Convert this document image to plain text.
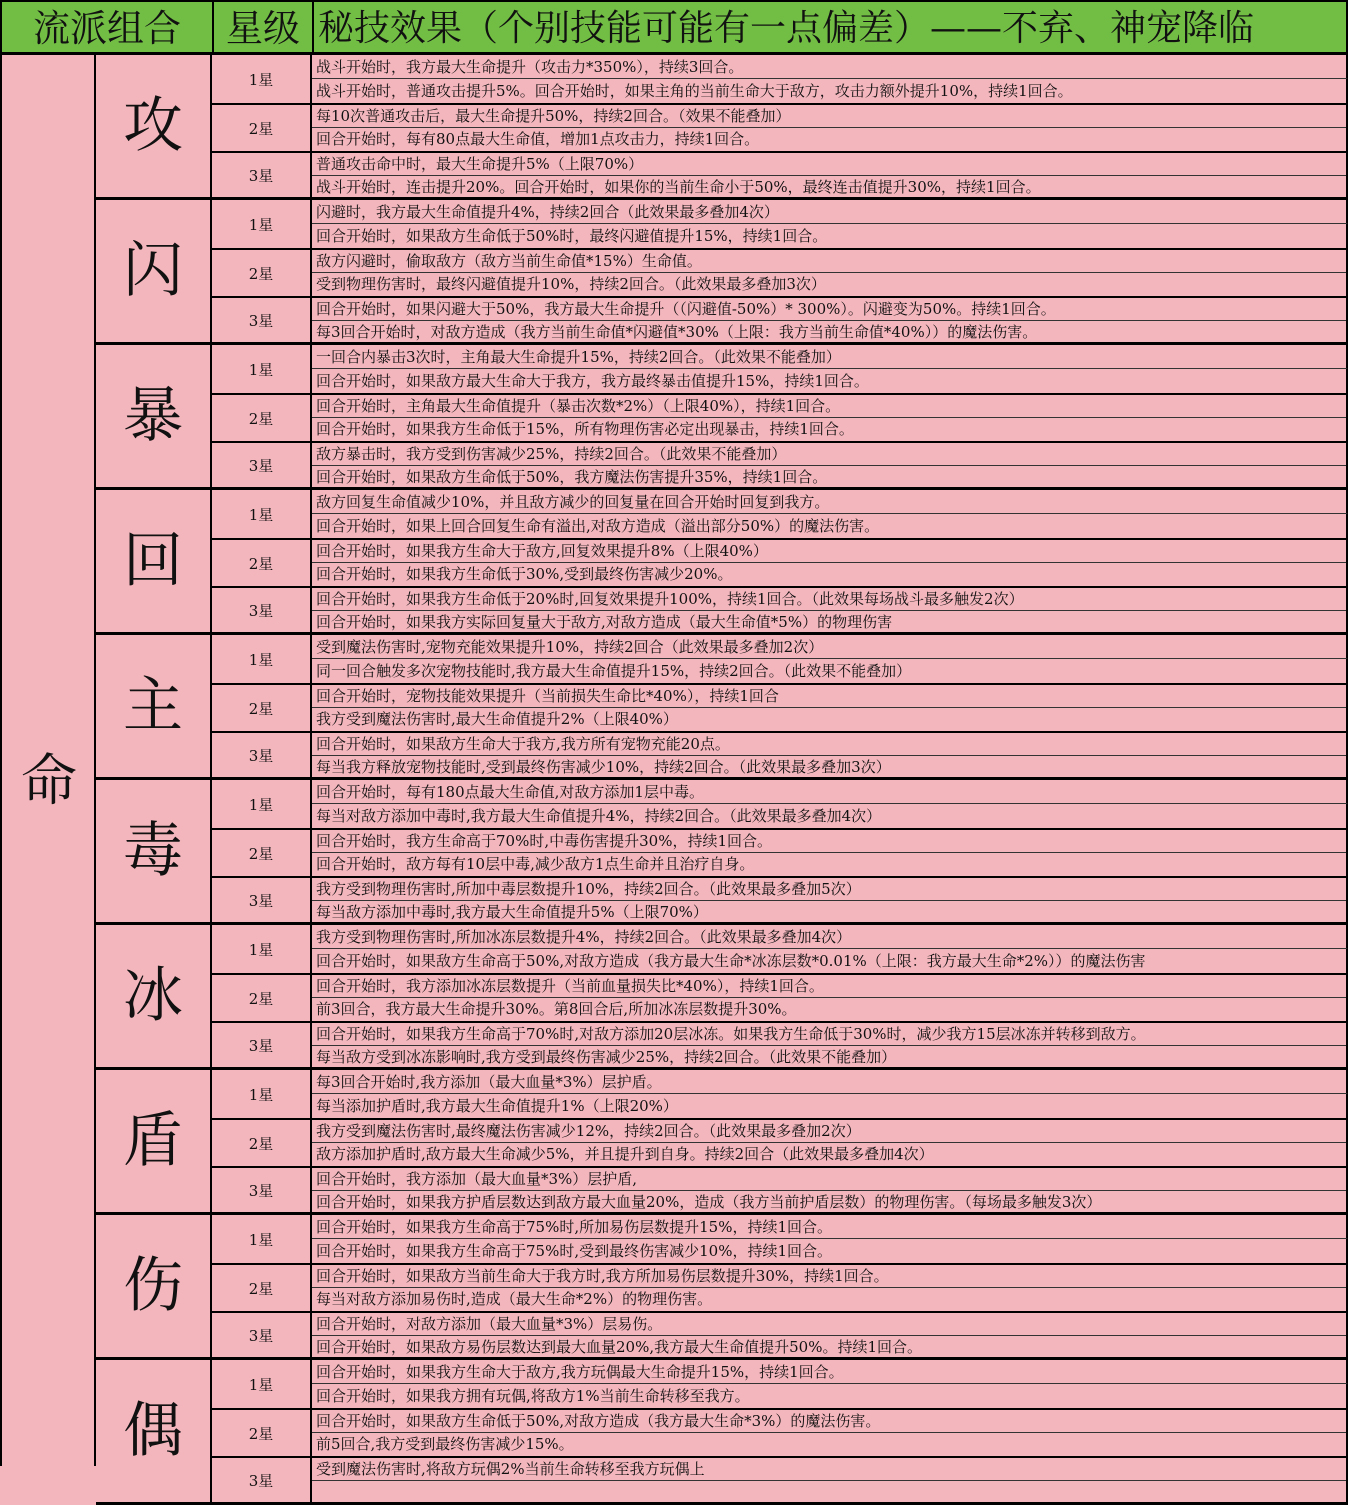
流派组合	星级 秘技效果（个别技能可能有一点偏差）——不弃、神宠降临
命
攻
1星
战斗开始时，我方最大生命提升（攻击力*350%），持续3回合。
战斗开始时，普通攻击提升5%。回合开始时，如果主角的当前生命大于敌方，攻击力额外提升10%，持续1回合。
2星
每10次普通攻击后，最大生命提升50%，持续2回合。（效果不能叠加）
回合开始时，每有80点最大生命值，增加1点攻击力，持续1回合。
3星
普通攻击命中时，最大生命提升5%（上限70%）
战斗开始时，连击提升20%。回合开始时，如果你的当前生命小于50%，最终连击值提升30%，持续1回合。
闪
1星
闪避时，我方最大生命值提升4%，持续2回合（此效果最多叠加4次）
回合开始时，如果敌方生命低于50%时，最终闪避值提升15%，持续1回合。
2星
敌方闪避时，偷取敌方（敌方当前生命值*15%）生命值。
受到物理伤害时，最终闪避值提升10%，持续2回合。（此效果最多叠加3次）
3星
回合开始时，如果闪避大于50%，我方最大生命提升（（闪避值-50%）* 300%）。闪避变为50%。持续1回合。
每3回合开始时，对敌方造成（我方当前生命值*闪避值*30%（上限：我方当前生命值*40%））的魔法伤害。
暴
1星
一回合内暴击3次时，主角最大生命提升15%，持续2回合。（此效果不能叠加）
回合开始时，如果敌方最大生命大于我方，我方最终暴击值提升15%，持续1回合。
2星
回合开始时，主角最大生命值提升（暴击次数*2%）（上限40%），持续1回合。
回合开始时，如果我方生命低于15%，所有物理伤害必定出现暴击，持续1回合。
3星
敌方暴击时，我方受到伤害减少25%，持续2回合。（此效果不能叠加）
回合开始时，如果敌方生命低于50%，我方魔法伤害提升35%，持续1回合。
回
1星
敌方回复生命值减少10%，并且敌方减少的回复量在回合开始时回复到我方。
回合开始时，如果上回合回复生命有溢出,对敌方造成（溢出部分50%）的魔法伤害。
2星
回合开始时，如果我方生命大于敌方,回复效果提升8%（上限40%）
回合开始时，如果我方生命低于30%,受到最终伤害减少20%。
3星
回合开始时，如果我方生命低于20%时,回复效果提升100%，持续1回合。（此效果每场战斗最多触发2次）
回合开始时，如果我方实际回复量大于敌方,对敌方造成（最大生命值*5%）的物理伤害
主
1星
受到魔法伤害时,宠物充能效果提升10%，持续2回合（此效果最多叠加2次）
同一回合触发多次宠物技能时,我方最大生命值提升15%，持续2回合。（此效果不能叠加）
2星
回合开始时，宠物技能效果提升（当前损失生命比*40%），持续1回合
我方受到魔法伤害时,最大生命值提升2%（上限40%）
3星
回合开始时，如果敌方生命大于我方,我方所有宠物充能20点。
每当我方释放宠物技能时,受到最终伤害减少10%，持续2回合。（此效果最多叠加3次）
毒
1星
回合开始时，每有180点最大生命值,对敌方添加1层中毒。
每当对敌方添加中毒时,我方最大生命值提升4%，持续2回合。（此效果最多叠加4次）
2星
回合开始时，我方生命高于70%时,中毒伤害提升30%，持续1回合。
回合开始时，敌方每有10层中毒,减少敌方1点生命并且治疗自身。
3星
我方受到物理伤害时,所加中毒层数提升10%，持续2回合。（此效果最多叠加5次）
每当敌方添加中毒时,我方最大生命值提升5%（上限70%）
冰
1星
我方受到物理伤害时,所加冰冻层数提升4%，持续2回合。（此效果最多叠加4次）
回合开始时，如果敌方生命高于50%,对敌方造成（我方最大生命*冰冻层数*0.01%（上限：我方最大生命*2%））的魔法伤害
2星
回合开始时，我方添加冰冻层数提升（当前血量损失比*40%），持续1回合。
前3回合，我方最大生命提升30%。第8回合后,所加冰冻层数提升30%。
3星
回合开始时，如果我方生命高于70%时,对敌方添加20层冰冻。如果我方生命低于30%时，减少我方15层冰冻并转移到敌方。
每当敌方受到冰冻影响时,我方受到最终伤害减少25%，持续2回合。（此效果不能叠加）
盾
1星
每3回合开始时,我方添加（最大血量*3%）层护盾。
每当添加护盾时,我方最大生命值提升1%（上限20%）
2星
我方受到魔法伤害时,最终魔法伤害减少12%，持续2回合。（此效果最多叠加2次）
敌方添加护盾时,敌方最大生命减少5%，并且提升到自身。持续2回合（此效果最多叠加4次）
3星
回合开始时，我方添加（最大血量*3%）层护盾,
回合开始时，如果我方护盾层数达到敌方最大血量20%，造成（我方当前护盾层数）的物理伤害。（每场最多触发3次）
伤
1星
回合开始时，如果我方生命高于75%时,所加易伤层数提升15%，持续1回合。
回合开始时，如果我方生命高于75%时,受到最终伤害减少10%，持续1回合。
2星
回合开始时，如果敌方当前生命大于我方时,我方所加易伤层数提升30%，持续1回合。
每当对敌方添加易伤时,造成（最大生命*2%）的物理伤害。
3星
回合开始时，对敌方添加（最大血量*3%）层易伤。
回合开始时，如果敌方易伤层数达到最大血量20%,我方最大生命值提升50%。持续1回合。
偶
1星
回合开始时，如果我方生命大于敌方,我方玩偶最大生命提升15%，持续1回合。
回合开始时，如果我方拥有玩偶,将敌方1%当前生命转移至我方。
2星
回合开始时，如果敌方生命低于50%,对敌方造成（我方最大生命*3%）的魔法伤害。
前5回合,我方受到最终伤害减少15%。
3星
受到魔法伤害时,将敌方玩偶2%当前生命转移至我方玩偶上
